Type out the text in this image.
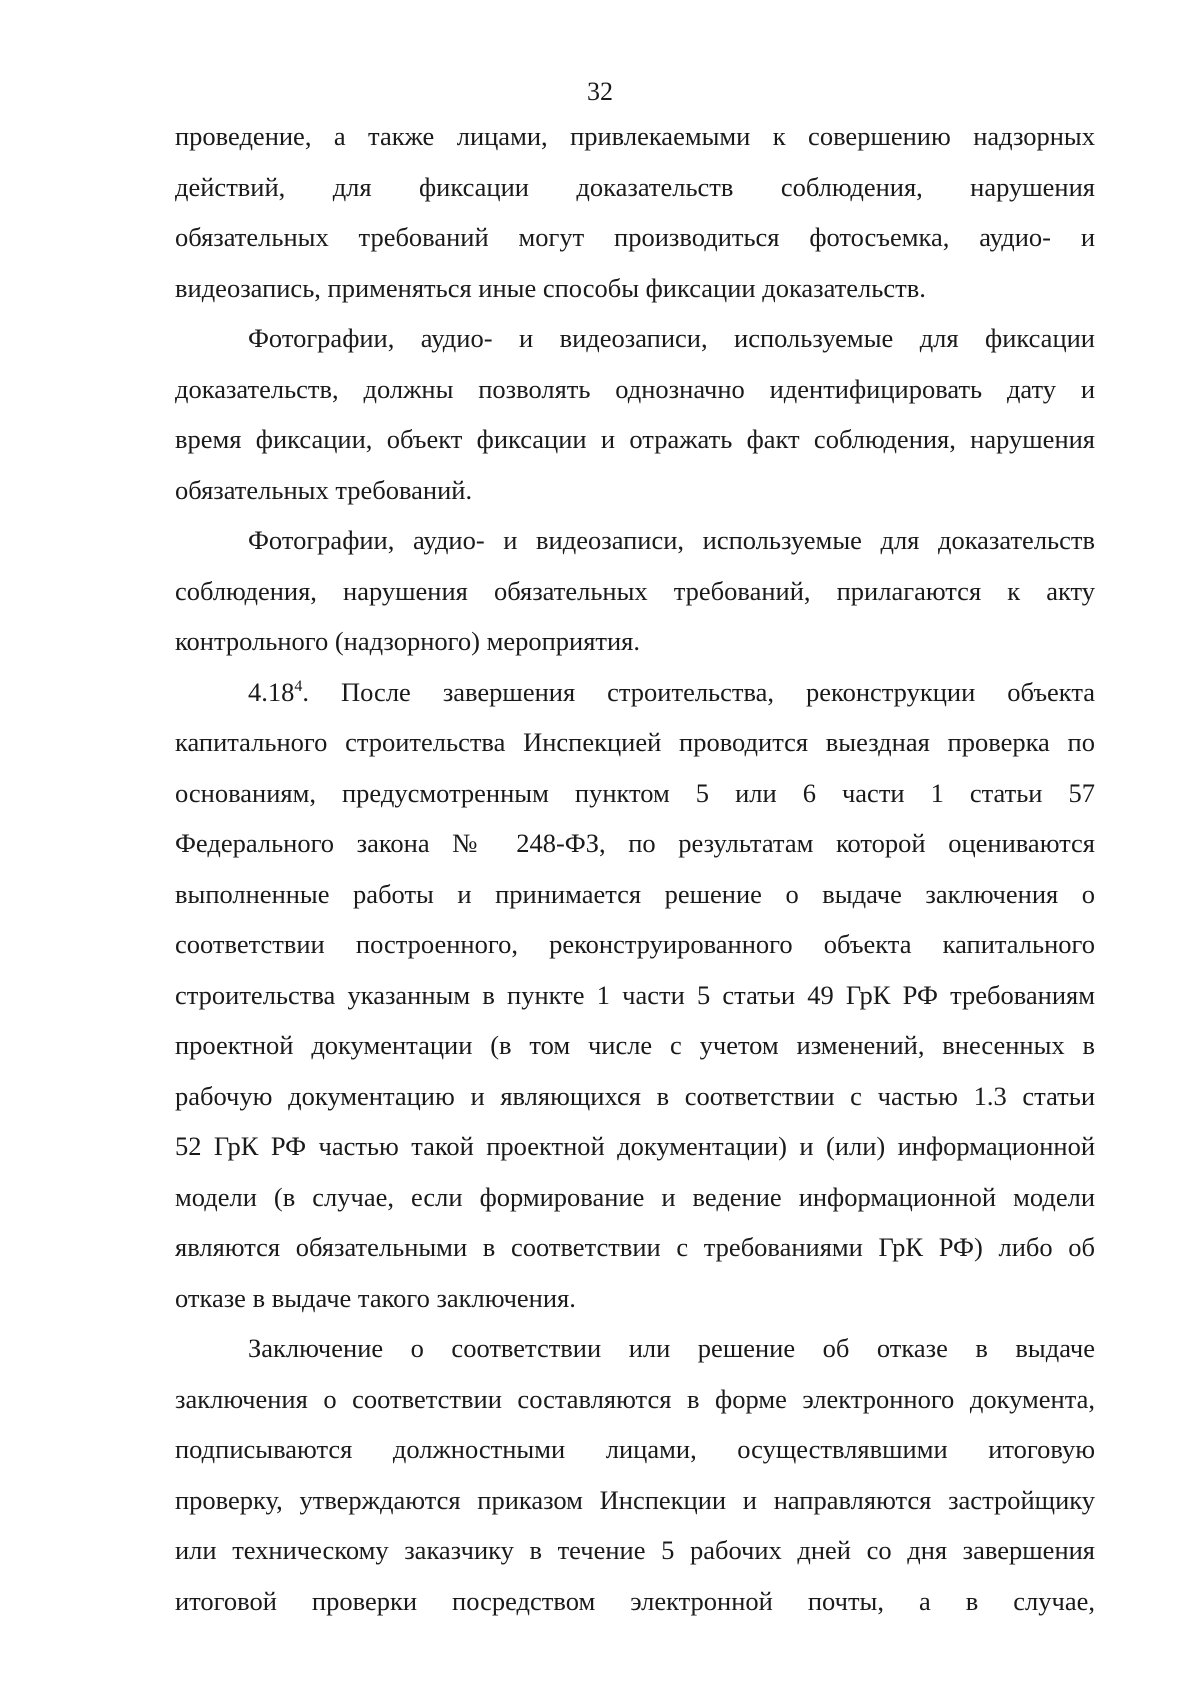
32
проведение, а также лицами, привлекаемыми к совершению надзорных
действий, для фиксации доказательств соблюдения, нарушения
обязательных требований могут производиться фотосъемка, аудио- и
видеозапись, применяться иные способы фиксации доказательств.
Фотографии, аудио- и видеозаписи, используемые для фиксации
доказательств, должны позволять однозначно идентифицировать дату и
время фиксации, объект фиксации и отражать факт соблюдения, нарушения
обязательных требований.
Фотографии, аудио- и видеозаписи, используемые для доказательств
соблюдения, нарушения обязательных требований, прилагаются к акту
контрольного (надзорного) мероприятия.
4.18$^4$. После завершения строительства, реконструкции объекта
капитального строительства Инспекцией проводится выездная проверка по
основаниям, предусмотренным пунктом 5 или 6 части 1 статьи 57
Федерального закона № 248-ФЗ, по результатам которой оцениваются
выполненные работы и принимается решение о выдаче заключения о
соответствии построенного, реконструированного объекта капитального
строительства указанным в пункте 1 части 5 статьи 49 ГрК РФ требованиям
проектной документации (в том числе с учетом изменений, внесенных в
рабочую документацию и являющихся в соответствии с частью 1.3 статьи
52 ГрК РФ частью такой проектной документации) и (или) информационной
модели (в случае, если формирование и ведение информационной модели
являются обязательными в соответствии с требованиями ГрК РФ) либо об
отказе в выдаче такого заключения.
Заключение о соответствии или решение об отказе в выдаче
заключения о соответствии составляются в форме электронного документа,
подписываются должностными лицами, осуществлявшими итоговую
проверку, утверждаются приказом Инспекции и направляются застройщику
или техническому заказчику в течение 5 рабочих дней со дня завершения
итоговой проверки посредством электронной почты, а в случае,
